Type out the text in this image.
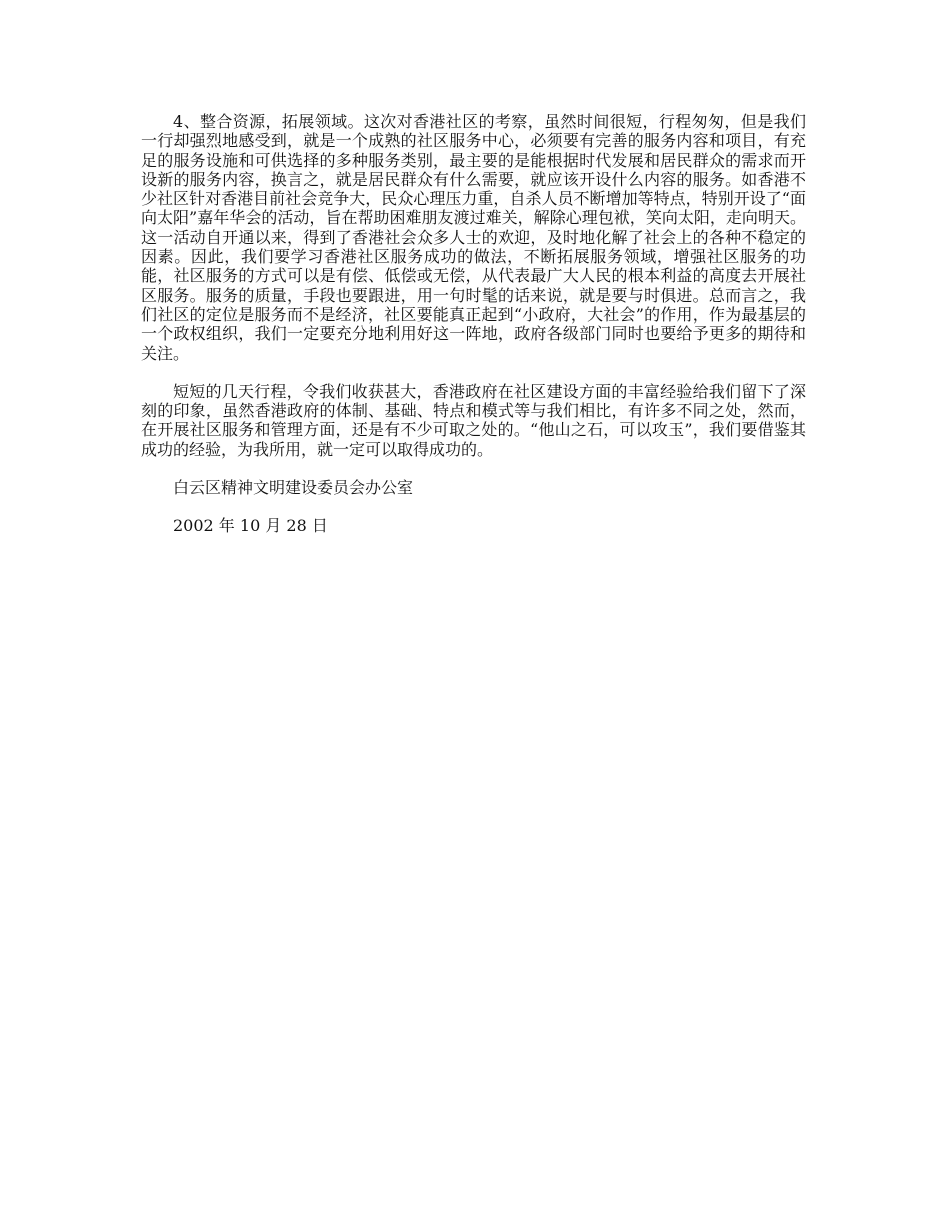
4、整合资源，拓展领域。这次对香港社区的考察，虽然时间很短，行程匆匆，但是我们一行却强烈地感受到，就是一个成熟的社区服务中心，必须要有完善的服务内容和项目，有充足的服务设施和可供选择的多种服务类别，最主要的是能根据时代发展和居民群众的需求而开设新的服务内容，换言之，就是居民群众有什么需要，就应该开设什么内容的服务。如香港不少社区针对香港目前社会竞争大，民众心理压力重，自杀人员不断增加等特点，特别开设了“面向太阳”嘉年华会的活动，旨在帮助困难朋友渡过难关，解除心理包袱，笑向太阳，走向明天。这一活动自开通以来，得到了香港社会众多人士的欢迎，及时地化解了社会上的各种不稳定的因素。因此，我们要学习香港社区服务成功的做法，不断拓展服务领域，增强社区服务的功能，社区服务的方式可以是有偿、低偿或无偿，从代表最广大人民的根本利益的高度去开展社区服务。服务的质量，手段也要跟进，用一句时髦的话来说，就是要与时俱进。总而言之，我们社区的定位是服务而不是经济，社区要能真正起到“小政府，大社会”的作用，作为最基层的一个政权组织，我们一定要充分地利用好这一阵地，政府各级部门同时也要给予更多的期待和关注。

短短的几天行程，令我们收获甚大，香港政府在社区建设方面的丰富经验给我们留下了深刻的印象，虽然香港政府的体制、基础、特点和模式等与我们相比，有许多不同之处，然而，在开展社区服务和管理方面，还是有不少可取之处的。“他山之石，可以攻玉”，我们要借鉴其成功的经验，为我所用，就一定可以取得成功的。

白云区精神文明建设委员会办公室

2002 年 10 月 28 日
